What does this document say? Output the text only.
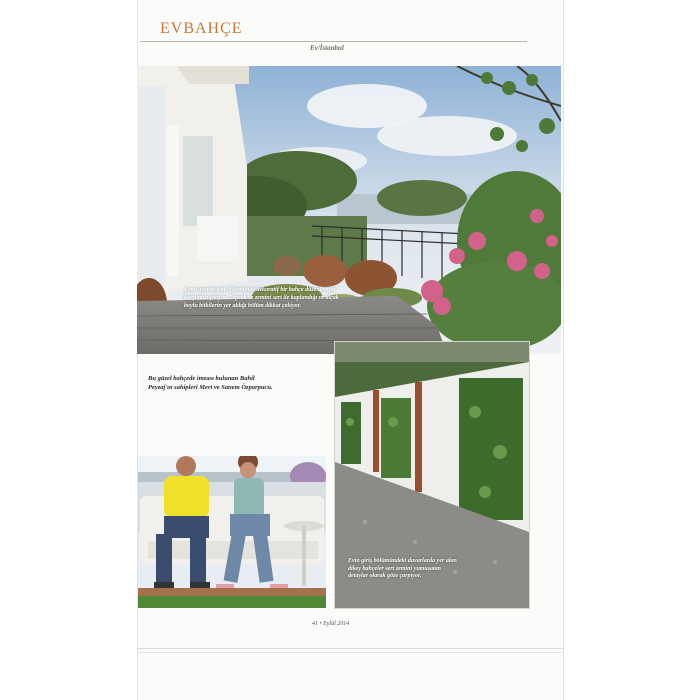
EVBAHÇE
Ev/İstanbul
Kemeliyenin yan bölümünde dekoratif bir bahçe düzenlemesi karşımıza çıkıyor. Toprak ve zemini sert ile kaplandığı ve alçak boylu bitkilerin yer aldığı bölüm dikkat çekiyor.
Bu güzel bahçede imzası bulunan Bahil Peyzaj'ın sahipleri Mert ve Sanem Özparpucu.
Evin giriş bölümündeki duvarlarda yer alan dikey bahçeler sert zemini yumuşatan detaylar olarak göze çarpıyor.
41 • Eylül 2014
